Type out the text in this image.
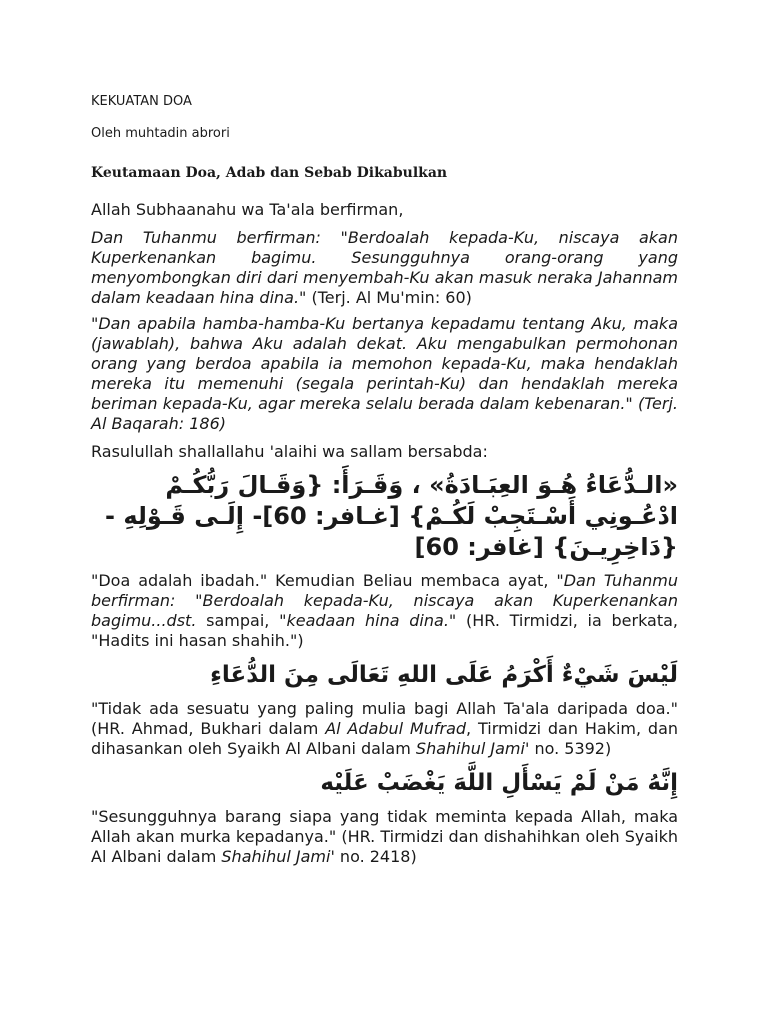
KEKUATAN DOA

Oleh muhtadin abrori

Keutamaan Doa, Adab dan Sebab Dikabulkan

Allah Subhaanahu wa Ta'ala berfirman,

Dan Tuhanmu berfirman: "Berdoalah kepada-Ku, niscaya akan Kuperkenankan bagimu. Sesungguhnya orang-orang yang menyombongkan diri dari menyembah-Ku akan masuk neraka Jahannam dalam keadaan hina dina." (Terj. Al Mu'min: 60)

"Dan apabila hamba-hamba-Ku bertanya kepadamu tentang Aku, maka (jawablah), bahwa Aku adalah dekat. Aku mengabulkan permohonan orang yang berdoa apabila ia memohon kepada-Ku, maka hendaklah mereka itu memenuhi (segala perintah-Ku) dan hendaklah mereka beriman kepada-Ku, agar mereka selalu berada dalam kebenaran." (Terj. Al Baqarah: 186)

Rasulullah shallallahu 'alaihi wa sallam bersabda:

«الـدُّعَاءُ هُـوَ العِبَـادَةُ» ، وَقَـرَأَ: {وَقَـالَ رَبُّكُـمْ ادْعُـونِي أَسْـتَجِبْ لَكُـمْ} [غـافر: 60]- إِلَـى قَـوْلِهِ - {دَاخِرِيـنَ} [غافر: 60]

"Doa adalah ibadah." Kemudian Beliau membaca ayat, "Dan Tuhanmu berfirman: "Berdoalah kepada-Ku, niscaya akan Kuperkenankan bagimu...dst. sampai, "keadaan hina dina." (HR. Tirmidzi, ia berkata, "Hadits ini hasan shahih.")

لَيْسَ شَيْءٌ أَكْرَمُ عَلَى اللهِ تَعَالَى مِنَ الدُّعَاءِ

"Tidak ada sesuatu yang paling mulia bagi Allah Ta'ala daripada doa." (HR. Ahmad, Bukhari dalam Al Adabul Mufrad, Tirmidzi dan Hakim, dan dihasankan oleh Syaikh Al Albani dalam Shahihul Jami' no. 5392)

إِنَّهُ مَنْ لَمْ يَسْأَلِ اللَّهَ يَغْضَبْ عَلَيْه

"Sesungguhnya barang siapa yang tidak meminta kepada Allah, maka Allah akan murka kepadanya." (HR. Tirmidzi dan dishahihkan oleh Syaikh Al Albani dalam Shahihul Jami' no. 2418)
